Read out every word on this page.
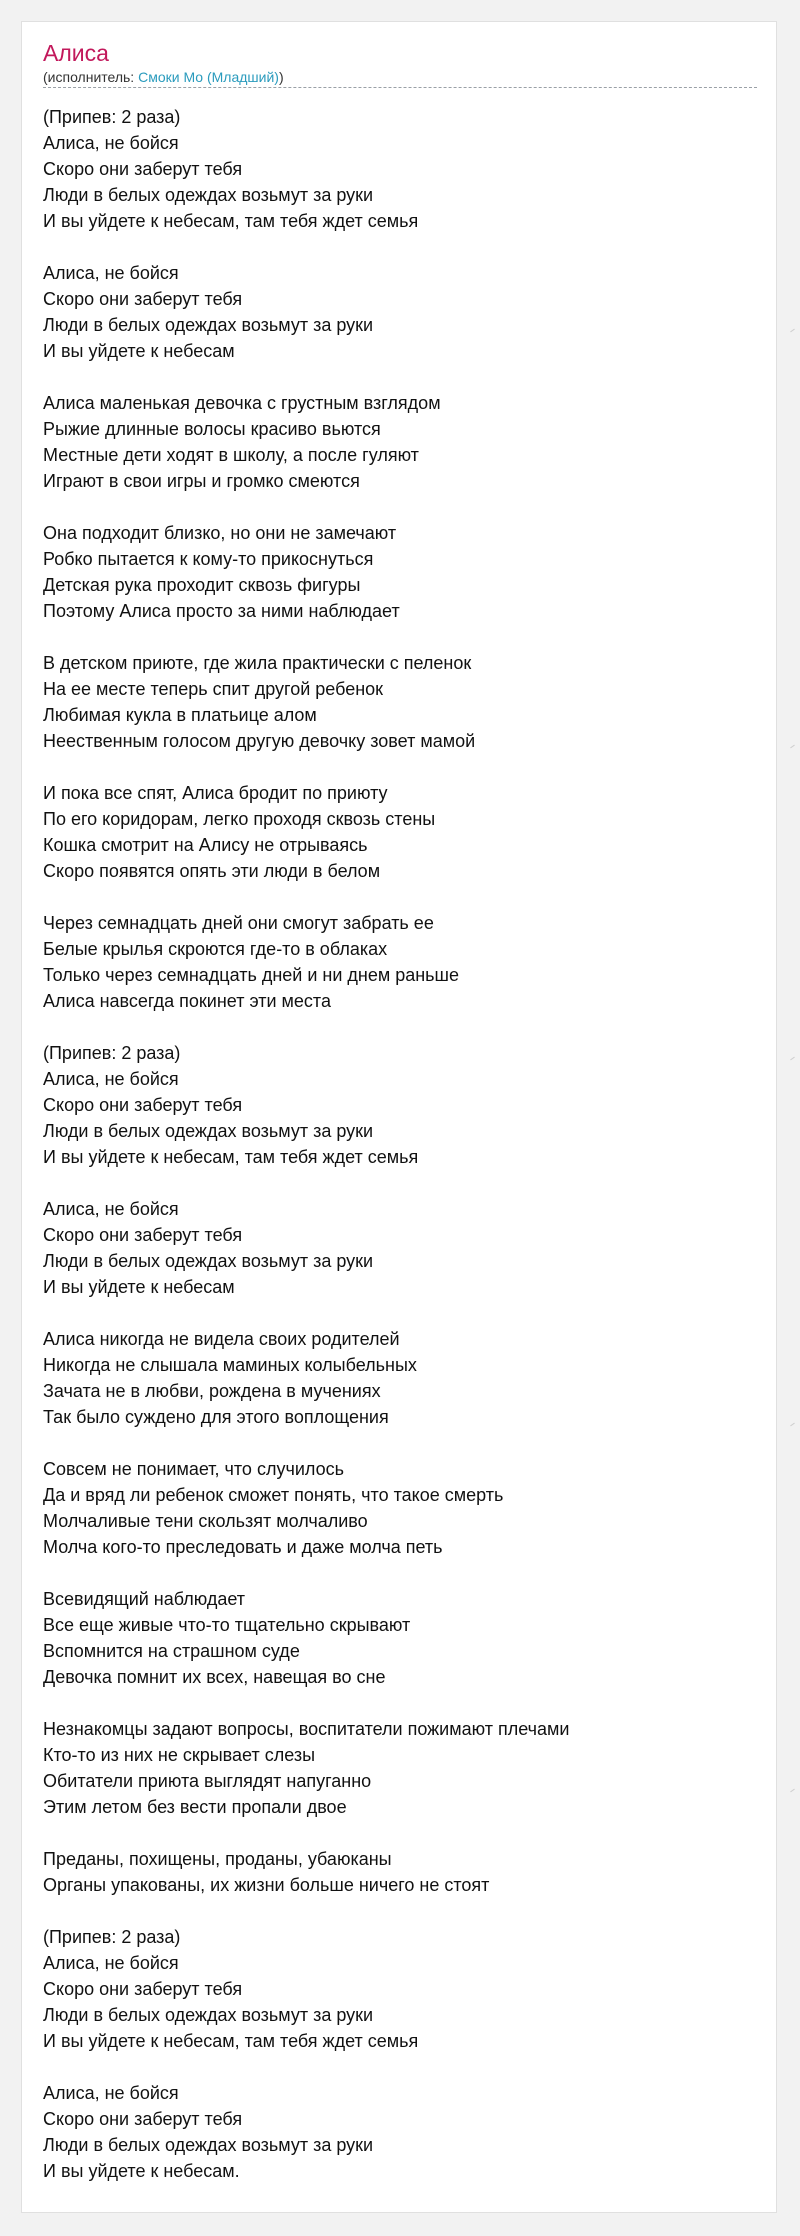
Алиса
(исполнитель: Смоки Мо (Младший))
(Припев: 2 раза)
Алиса, не бойся
Скоро они заберут тебя
Люди в белых одеждах возьмут за руки
И вы уйдете к небесам, там тебя ждет семья
Алиса, не бойся
Скоро они заберут тебя
Люди в белых одеждах возьмут за руки
И вы уйдете к небесам
Алиса маленькая девочка с грустным взглядом
Рыжие длинные волосы красиво вьются
Местные дети ходят в школу, а после гуляют
Играют в свои игры и громко смеются
Она подходит близко, но они не замечают
Робко пытается к кому-то прикоснуться
Детская рука проходит сквозь фигуры
Поэтому Алиса просто за ними наблюдает
В детском приюте, где жила практически с пеленок
На ее месте теперь спит другой ребенок
Любимая кукла в платьице алом
Неественным голосом другую девочку зовет мамой
И пока все спят, Алиса бродит по приюту
По его коридорам, легко проходя сквозь стены
Кошка смотрит на Алису не отрываясь
Скоро появятся опять эти люди в белом
Через семнадцать дней они смогут забрать ее
Белые крылья скроются где-то в облаках
Только через семнадцать дней и ни днем раньше
Алиса навсегда покинет эти места
(Припев: 2 раза)
Алиса, не бойся
Скоро они заберут тебя
Люди в белых одеждах возьмут за руки
И вы уйдете к небесам, там тебя ждет семья
Алиса, не бойся
Скоро они заберут тебя
Люди в белых одеждах возьмут за руки
И вы уйдете к небесам
Алиса никогда не видела своих родителей
Никогда не слышала маминых колыбельных
Зачата не в любви, рождена в мучениях
Так было суждено для этого воплощения
Совсем не понимает, что случилось
Да и вряд ли ребенок сможет понять, что такое смерть
Молчаливые тени скользят молчаливо
Молча кого-то преследовать и даже молча петь
Всевидящий наблюдает
Все еще живые что-то тщательно скрывают
Вспомнится на страшном суде
Девочка помнит их всех, навещая во сне
Незнакомцы задают вопросы, воспитатели пожимают плечами
Кто-то из них не скрывает слезы
Обитатели приюта выглядят напуганно
Этим летом без вести пропали двое
Преданы, похищены, проданы, убаюканы
Органы упакованы, их жизни больше ничего не стоят
(Припев: 2 раза)
Алиса, не бойся
Скоро они заберут тебя
Люди в белых одеждах возьмут за руки
И вы уйдете к небесам, там тебя ждет семья
Алиса, не бойся
Скоро они заберут тебя
Люди в белых одеждах возьмут за руки
И вы уйдете к небесам.
